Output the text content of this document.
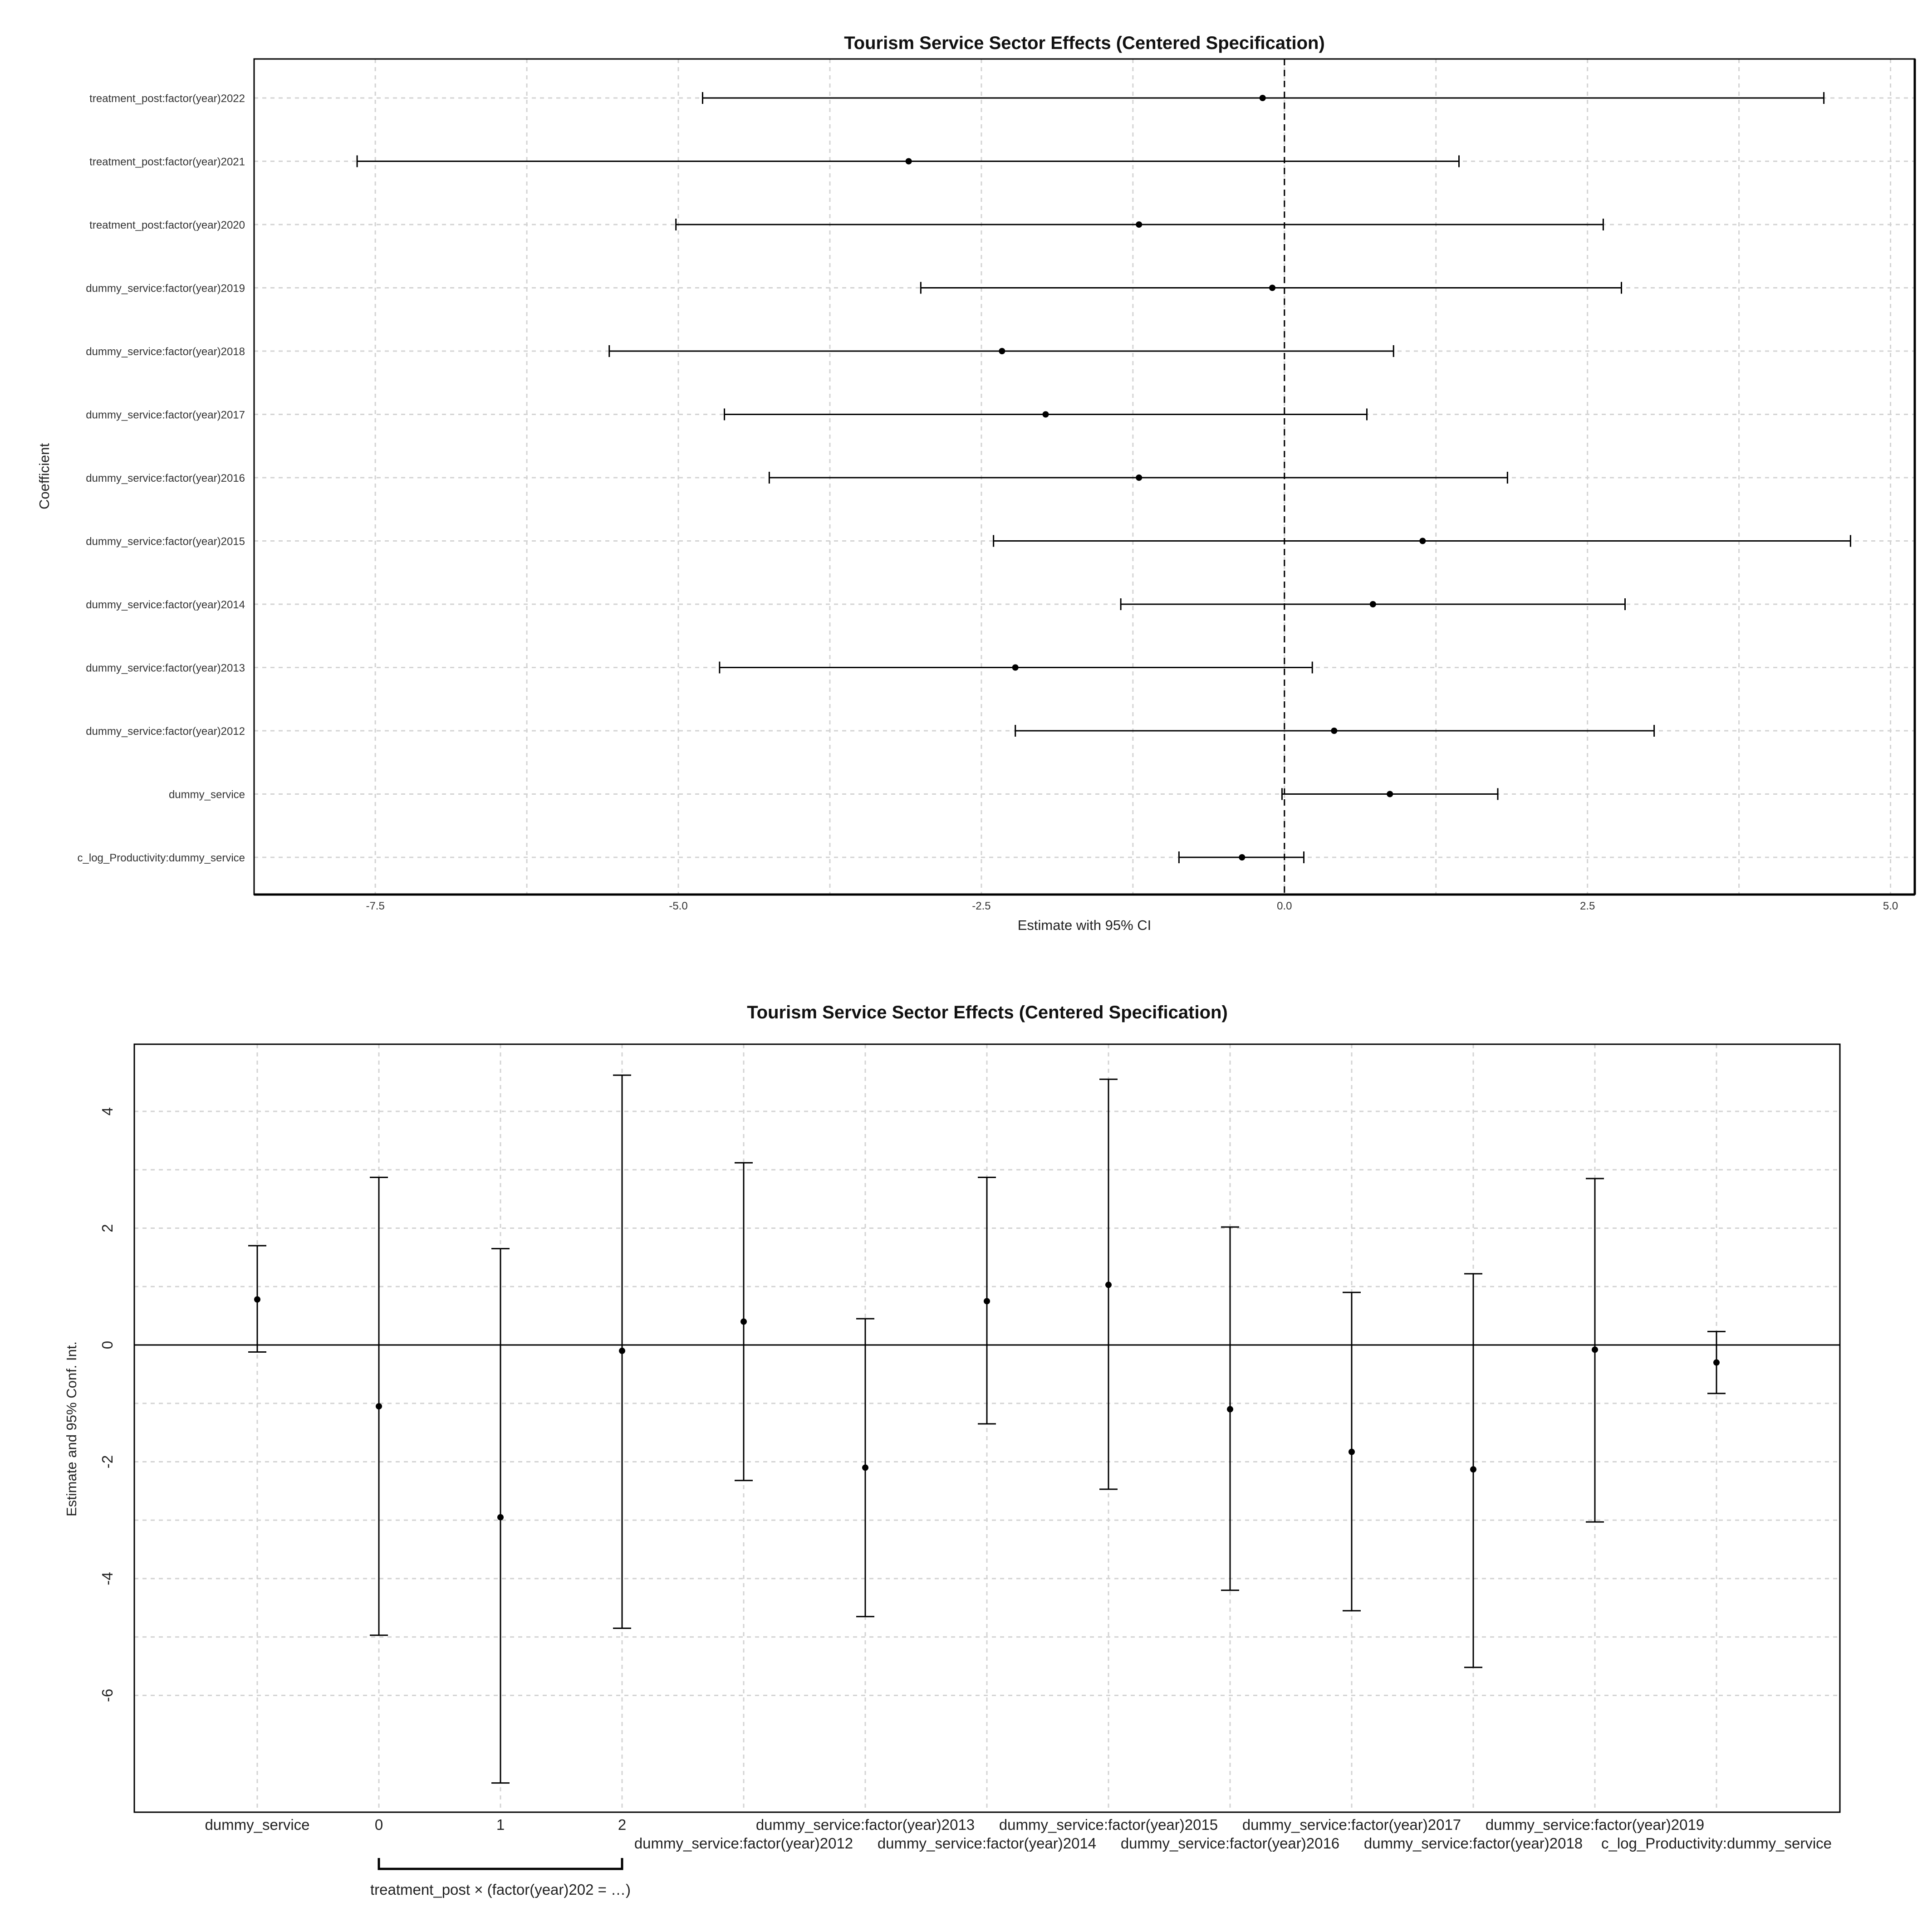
treatment_post:factor(year)2022
treatment_post:factor(year)2021
treatment_post:factor(year)2020
dummy_service:factor(year)2019
dummy_service:factor(year)2018
dummy_service:factor(year)2017
dummy_service:factor(year)2016
dummy_service:factor(year)2015
dummy_service:factor(year)2014
dummy_service:factor(year)2013
dummy_service:factor(year)2012
dummy_service
c_log_Productivity:dummy_service
-7.5	-5.0	-2.5	0.0	2.5	5.0
Tourism Service Sector Effects (Centered Specification)
Estimate with 95% CI
Coefficient
dummy_service	0	1	2
dummy_service:factor(year)2012
dummy_service:factor(year)2013
dummy_service:factor(year)2014
dummy_service:factor(year)2015
dummy_service:factor(year)2016
dummy_service:factor(year)2017
dummy_service:factor(year)2018
dummy_service:factor(year)2019
c_log_Productivity:dummy_service
-6
-4
-2
0
2
4
treatment_post × (factor(year)202 = …)
Tourism Service Sector Effects (Centered Specification)
Estimate and 95% Conf. Int.
